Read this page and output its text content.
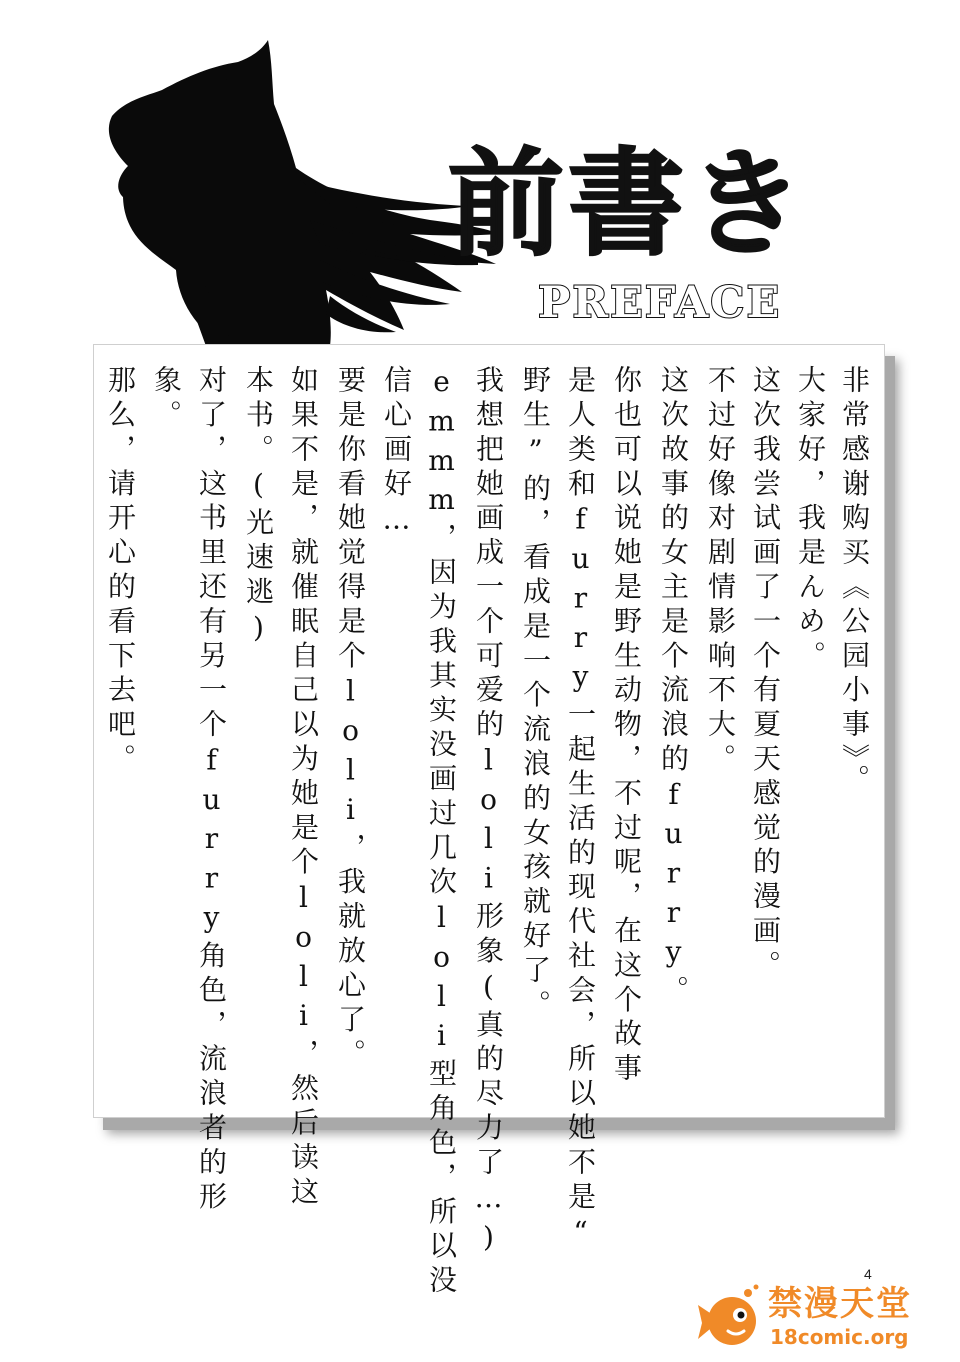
前書き
PREFACE
非常感谢购买《公园小事》。
大家好，我是んめ。
这次我尝试画了一个有夏天感觉的漫画。
不过好像对剧情影响不大。
这次故事的女主是个流浪的furry。
你也可以说她是野生动物，不过呢，在这个故事
是人类和furry一起生活的现代社会，所以她不是“
野生”的，看成是一个流浪的女孩就好了。
我想把她画成一个可爱的loli形象(真的尽力了…)
emmm，因为我其实没画过几次loli型角色，所以没
信心画好…
要是你看她觉得是个loli，我就放心了。
如果不是，就催眠自己以为她是个loli，然后读这
本书。(光速逃)
对了，这书里还有另一个furry角色，流浪者的形
象。
那么，请开心的看下去吧。
4
禁漫天堂
18comic.org
